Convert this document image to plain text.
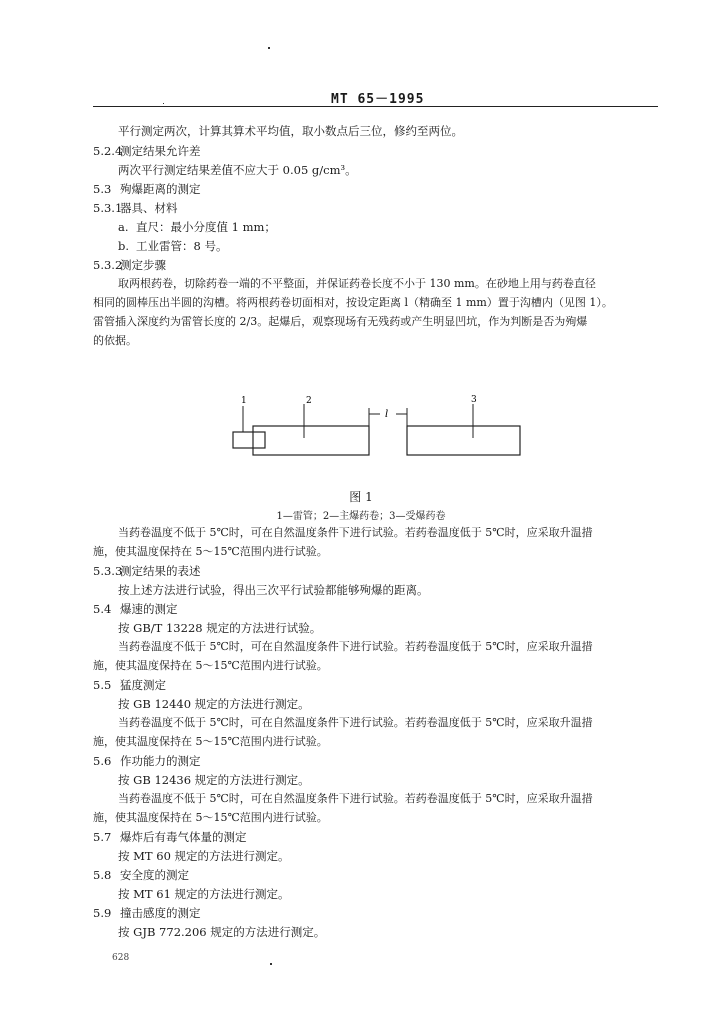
MT 65－1995
平行测定两次，计算其算术平均值，取小数点后三位，修约至两位。
5.2.4测定结果允许差
两次平行测定结果差值不应大于 0.05 g/cm³。
5.3 殉爆距离的测定
5.3.1器具、材料
a. 直尺：最小分度值 1 mm；
b. 工业雷管：8 号。
5.3.2测定步骤
取两根药卷，切除药卷一端的不平整面，并保证药卷长度不小于 130 mm。在砂地上用与药卷直径
相同的圆棒压出半圆的沟槽。将两根药卷切面相对，按设定距离 l（精确至 1 mm）置于沟槽内（见图 1）。
雷管插入深度约为雷管长度的 2/3。起爆后，观察现场有无残药或产生明显凹坑，作为判断是否为殉爆
的依据。
1	2
l
3
图 1
1—雷管；2—主爆药卷；3—受爆药卷
当药卷温度不低于 5℃时，可在自然温度条件下进行试验。若药卷温度低于 5℃时，应采取升温措
施，使其温度保持在 5～15℃范围内进行试验。
5.3.3测定结果的表述
按上述方法进行试验，得出三次平行试验都能够殉爆的距离。
5.4 爆速的测定
按 GB/T 13228 规定的方法进行试验。
当药卷温度不低于 5℃时，可在自然温度条件下进行试验。若药卷温度低于 5℃时，应采取升温措
施，使其温度保持在 5～15℃范围内进行试验。
5.5 猛度测定
按 GB 12440 规定的方法进行测定。
当药卷温度不低于 5℃时，可在自然温度条件下进行试验。若药卷温度低于 5℃时，应采取升温措
施，使其温度保持在 5～15℃范围内进行试验。
5.6 作功能力的测定
按 GB 12436 规定的方法进行测定。
当药卷温度不低于 5℃时，可在自然温度条件下进行试验。若药卷温度低于 5℃时，应采取升温措
施，使其温度保持在 5～15℃范围内进行试验。
5.7 爆炸后有毒气体量的测定
按 MT 60 规定的方法进行测定。
5.8 安全度的测定
按 MT 61 规定的方法进行测定。
5.9 撞击感度的测定
按 GJB 772.206 规定的方法进行测定。
628
